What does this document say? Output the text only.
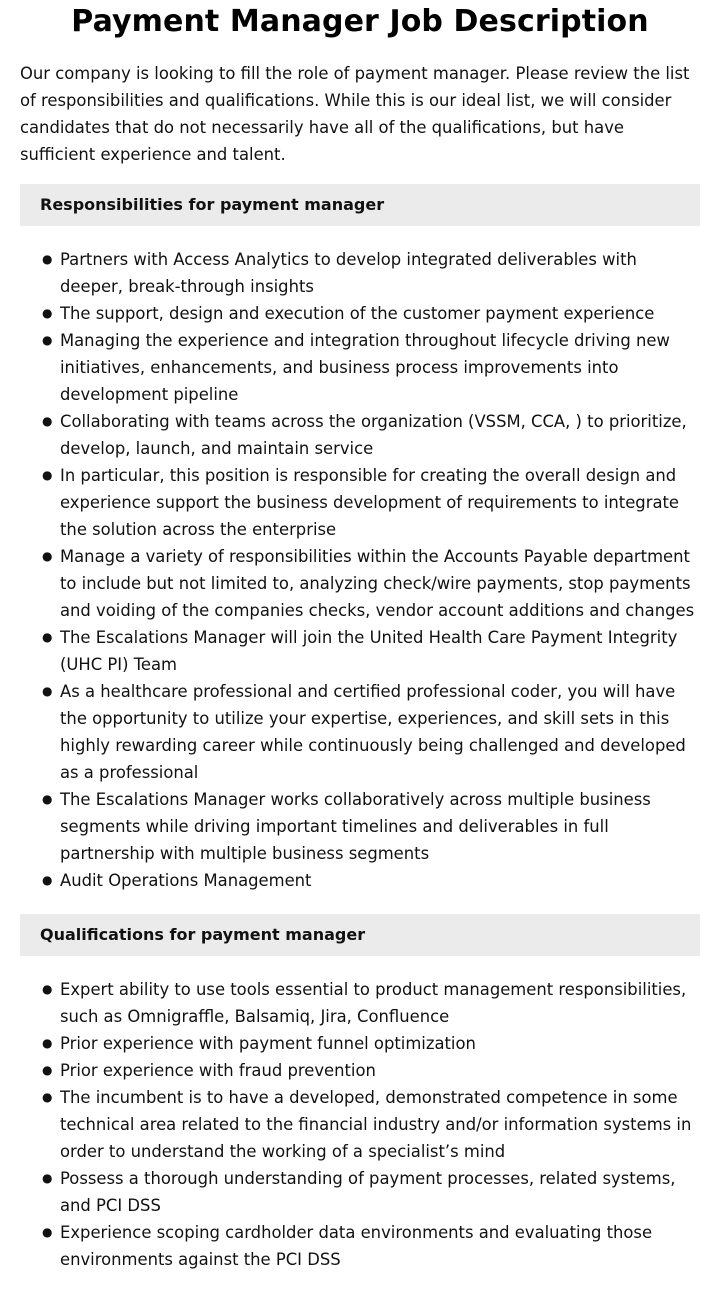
Payment Manager Job Description

Our company is looking to fill the role of payment manager. Please review the list of responsibilities and qualifications. While this is our ideal list, we will consider candidates that do not necessarily have all of the qualifications, but have sufficient experience and talent.

Responsibilities for payment manager
● Partners with Access Analytics to develop integrated deliverables with deeper, break-through insights
● The support, design and execution of the customer payment experience
● Managing the experience and integration throughout lifecycle driving new initiatives, enhancements, and business process improvements into development pipeline
● Collaborating with teams across the organization (VSSM, CCA, ) to prioritize, develop, launch, and maintain service
● In particular, this position is responsible for creating the overall design and experience support the business development of requirements to integrate the solution across the enterprise
● Manage a variety of responsibilities within the Accounts Payable department to include but not limited to, analyzing check/wire payments, stop payments and voiding of the companies checks, vendor account additions and changes
● The Escalations Manager will join the United Health Care Payment Integrity (UHC PI) Team
● As a healthcare professional and certified professional coder, you will have the opportunity to utilize your expertise, experiences, and skill sets in this highly rewarding career while continuously being challenged and developed as a professional
● The Escalations Manager works collaboratively across multiple business segments while driving important timelines and deliverables in full partnership with multiple business segments
● Audit Operations Management
Qualifications for payment manager
● Expert ability to use tools essential to product management responsibilities, such as Omnigraffle, Balsamiq, Jira, Confluence
● Prior experience with payment funnel optimization
● Prior experience with fraud prevention
● The incumbent is to have a developed, demonstrated competence in some technical area related to the financial industry and/or information systems in order to understand the working of a specialist’s mind
● Possess a thorough understanding of payment processes, related systems, and PCI DSS
● Experience scoping cardholder data environments and evaluating those environments against the PCI DSS
